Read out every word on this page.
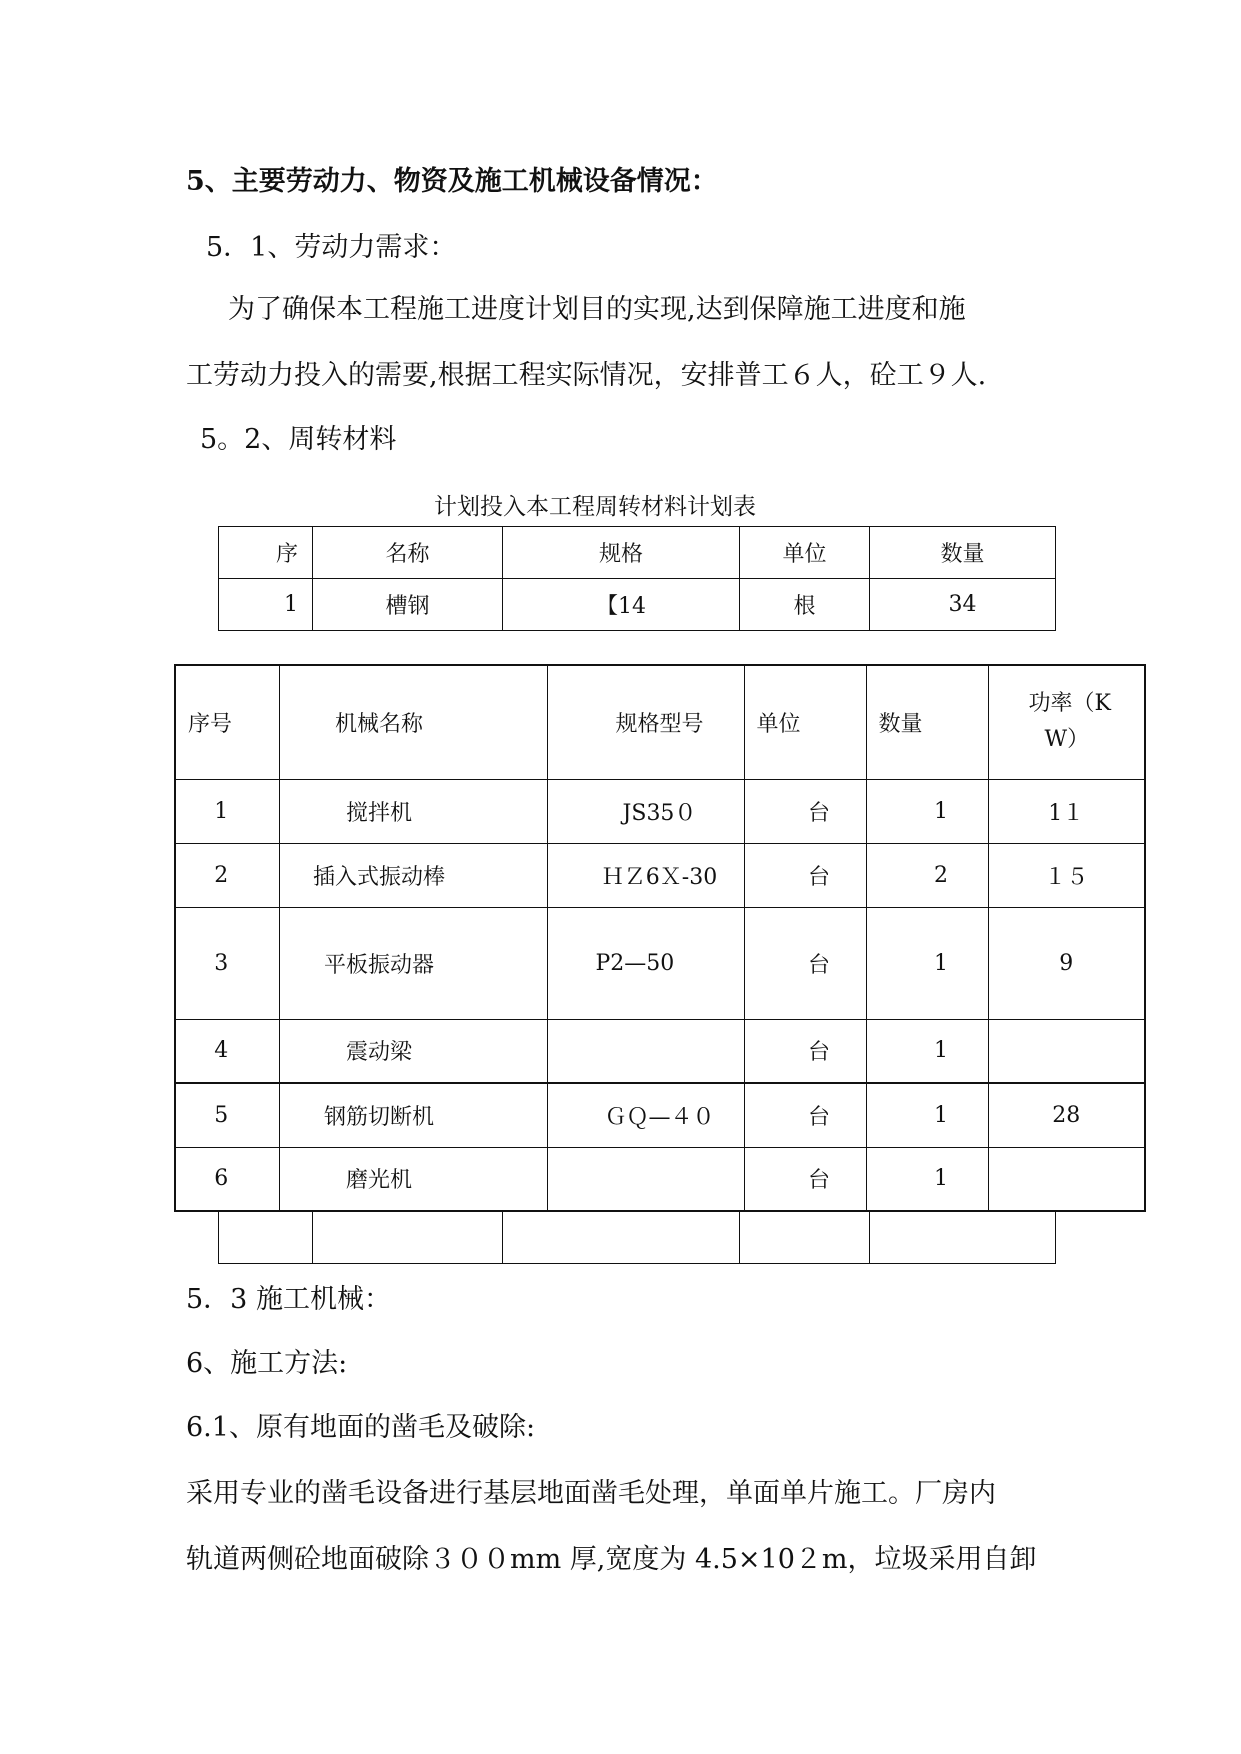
5、主要劳动力、物资及施工机械设备情况：
5．1、劳动力需求：
为了确保本工程施工进度计划目的实现,达到保障施工进度和施
工劳动力投入的需要,根据工程实际情况，安排普工６人，砼工９人.
5。2、周转材料
计划投入本工程周转材料计划表
序	名称	规格	单位	数量
1	槽钢	【14	根	34
序号	机械名称	规格型号	单位	数量	功率（K
W）

1	搅拌机	JS35０	台	1	1１
2	插入式振动棒	ＨＺ6Ｘ-30	台	2	１５
3	平板振动器	P2—50	台	1	9
4	震动梁		台	1	
5	钢筋切断机	ＧＱ—４０	台	1	28
6	磨光机		台	1	

5．3 施工机械：
6、施工方法:
6.1、原有地面的凿毛及破除:
采用专业的凿毛设备进行基层地面凿毛处理，单面单片施工。厂房内
轨道两侧砼地面破除３００mm 厚,宽度为 4.5×10２m，垃圾采用自卸
